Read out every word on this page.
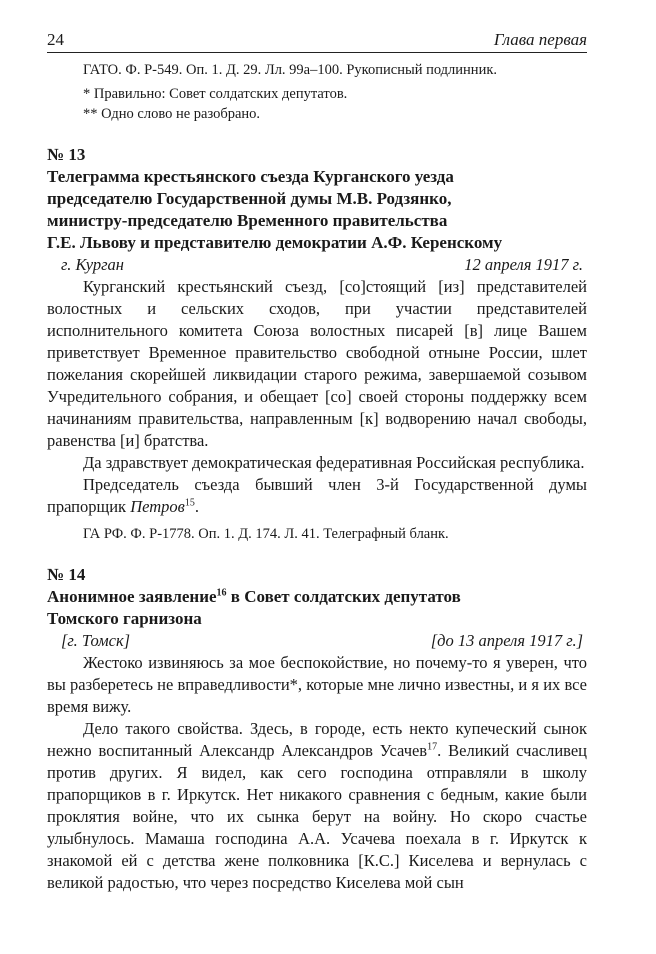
24	Глава первая

ГАТО. Ф. Р-549. Оп. 1. Д. 29. Лл. 99а–100. Рукописный подлинник.

* Правильно: Совет солдатских депутатов.

** Одно слово не разобрано.

№ 13

Телеграмма крестьянского съезда Курганского уезда

председателю Государственной думы М.В. Родзянко,

министру-председателю Временного правительства

Г.Е. Львову и представителю демократии А.Ф. Керенскому

г. Курган	12 апреля 1917 г.

Курганский крестьянский съезд, [со]стоящий [из] представителей волостных и сельских сходов, при участии представителей исполнительного комитета Союза волостных писарей [в] лице Вашем приветствует Временное правительство свободной отныне России, шлет пожелания скорейшей ликвидации старого режима, завершаемой созывом Учредительного собрания, и обещает [со] своей стороны поддержку всем начинаниям правительства, направленным [к] водворению начал свободы, равенства [и] братства.

Да здравствует демократическая федеративная Российская республика.

Председатель съезда бывший член 3-й Государственной думы прапорщик Петров$^{15}$.

ГА РФ. Ф. Р-1778. Оп. 1. Д. 174. Л. 41. Телеграфный бланк.

№ 14

Анонимное заявление$^{16}$ в Совет солдатских депутатов

Томского гарнизона

[г. Томск]	[до 13 апреля 1917 г.]

Жестоко извиняюсь за мое беспокойствие, но почему-то я уверен, что вы разберетесь не вправедливости*, которые мне лично известны, и я их все время вижу.

Дело такого свойства. Здесь, в городе, есть некто купеческий сынок нежно воспитанный Александр Александров Усачев$^{17}$. Великий счасливец против других. Я видел, как сего господина отправляли в школу прапорщиков в г. Иркутск. Нет никакого сравнения с бедным, какие были проклятия войне, что их сынка берут на войну. Но скоро счастье улыбнулось. Мамаша господина А.А. Усачева поехала в г. Иркутск к знакомой ей с детства жене полковника [К.С.] Киселева и вернулась с великой радостью, что через посредство Киселева мой сын
